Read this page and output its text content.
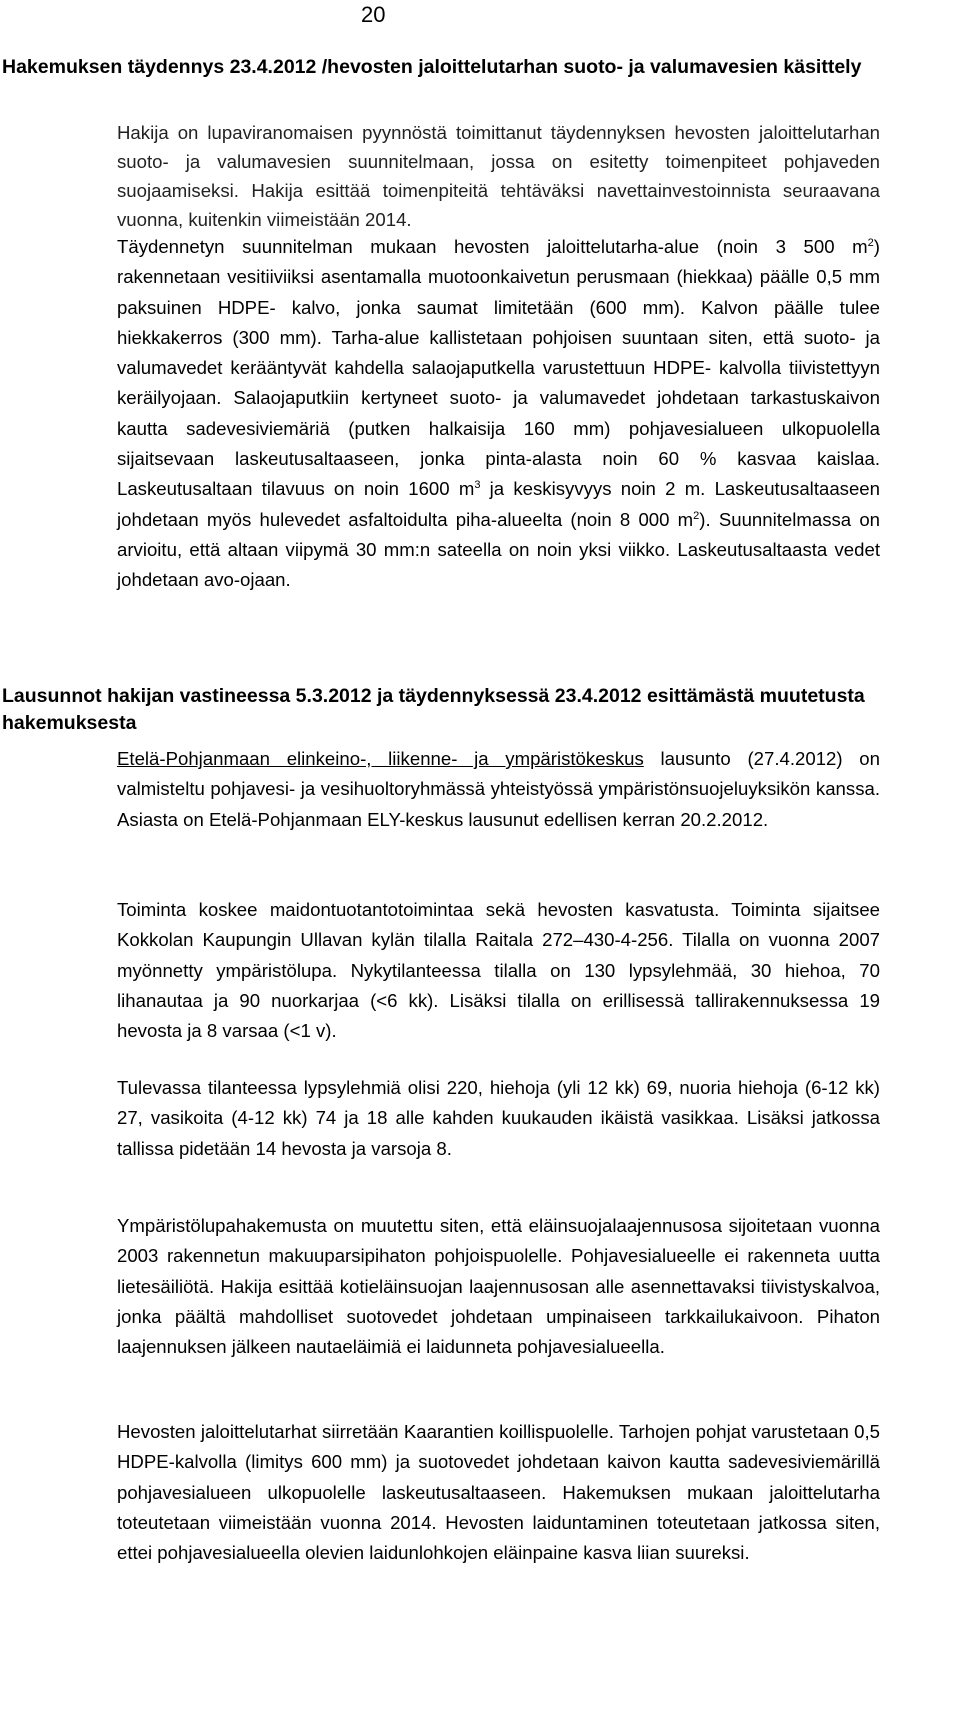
20
Hakemuksen täydennys 23.4.2012 /hevosten jaloittelutarhan suoto- ja valumavesien käsittely

Hakija on lupaviranomaisen pyynnöstä toimittanut täydennyksen hevosten jaloittelutarhan suoto- ja valumavesien suunnitelmaan, jossa on esitetty toimenpiteet pohjaveden suojaamiseksi. Hakija esittää toimenpiteitä tehtäväksi navettainvestoinnista seuraavana vuonna, kuitenkin viimeistään 2014.

Täydennetyn suunnitelman mukaan hevosten jaloittelutarha-alue (noin 3 500 $m^2$) rakennetaan vesitiiviiksi asentamalla muotoonkaivetun perusmaan (hiekkaa) päälle 0,5 mm paksuinen HDPE- kalvo, jonka saumat limitetään (600 mm). Kalvon päälle tulee hiekkakerros (300 mm). Tarha-alue kallistetaan pohjoisen suuntaan siten, että suoto- ja valumavedet kerääntyvät kahdella salaojaputkella varustettuun HDPE- kalvolla tiivistettyyn keräilyojaan. Salaojaputkiin kertyneet suoto- ja valumavedet johdetaan tarkastuskaivon kautta sadevesiviemäriä (putken halkaisija 160 mm) pohjavesialueen ulkopuolella sijaitsevaan laskeutusaltaaseen, jonka pinta-alasta noin 60 % kasvaa kaislaa. Laskeutusaltaan tilavuus on noin 1600 $m^3$ ja keskisyvyys noin 2 m. Laskeutusaltaaseen johdetaan myös hulevedet asfaltoidulta piha-alueelta (noin 8 000 $m^2$). Suunnitelmassa on arvioitu, että altaan viipymä 30 mm:n sateella on noin yksi viikko. Laskeutusaltaasta vedet johdetaan avo-ojaan.

Lausunnot hakijan vastineessa 5.3.2012 ja täydennyksessä 23.4.2012 esittämästä muutetusta hakemuksesta

Etelä-Pohjanmaan elinkeino-, liikenne- ja ympäristökeskus lausunto (27.4.2012) on valmisteltu pohjavesi- ja vesihuoltoryhmässä yhteistyössä ympäristönsuojeluyksikön kanssa. Asiasta on Etelä-Pohjanmaan ELY-keskus lausunut edellisen kerran 20.2.2012.

Toiminta koskee maidontuotantotoimintaa sekä hevosten kasvatusta. Toiminta sijaitsee Kokkolan Kaupungin Ullavan kylän tilalla Raitala 272–430-4-256. Tilalla on vuonna 2007 myönnetty ympäristölupa. Nykytilanteessa tilalla on 130 lypsylehmää, 30 hiehoa, 70 lihanautaa ja 90 nuorkarjaa (<6 kk). Lisäksi tilalla on erillisessä tallirakennuksessa 19 hevosta ja 8 varsaa (<1 v).

Tulevassa tilanteessa lypsylehmiä olisi 220, hiehoja (yli 12 kk) 69, nuoria hiehoja (6-12 kk) 27, vasikoita (4-12 kk) 74 ja 18 alle kahden kuukauden ikäistä vasikkaa. Lisäksi jatkossa tallissa pidetään 14 hevosta ja varsoja 8.

Ympäristölupahakemusta on muutettu siten, että eläinsuojalaajennusosa sijoitetaan vuonna 2003 rakennetun makuuparsipihaton pohjoispuolelle. Pohjavesialueelle ei rakenneta uutta lietesäiliötä. Hakija esittää kotieläinsuojan laajennusosan alle asennettavaksi tiivistyskalvoa, jonka päältä mahdolliset suotovedet johdetaan umpinaiseen tarkkailukaivoon. Pihaton laajennuksen jälkeen nautaeläimiä ei laidunneta pohjavesialueella.

Hevosten jaloittelutarhat siirretään Kaarantien koillispuolelle. Tarhojen pohjat varustetaan 0,5 HDPE-kalvolla (limitys 600 mm) ja suotovedet johdetaan kaivon kautta sadevesiviemärillä pohjavesialueen ulkopuolelle laskeutusaltaaseen. Hakemuksen mukaan jaloittelutarha toteutetaan viimeistään vuonna 2014. Hevosten laiduntaminen toteutetaan jatkossa siten, ettei pohjavesialueella olevien laidunlohkojen eläinpaine kasva liian suureksi.
